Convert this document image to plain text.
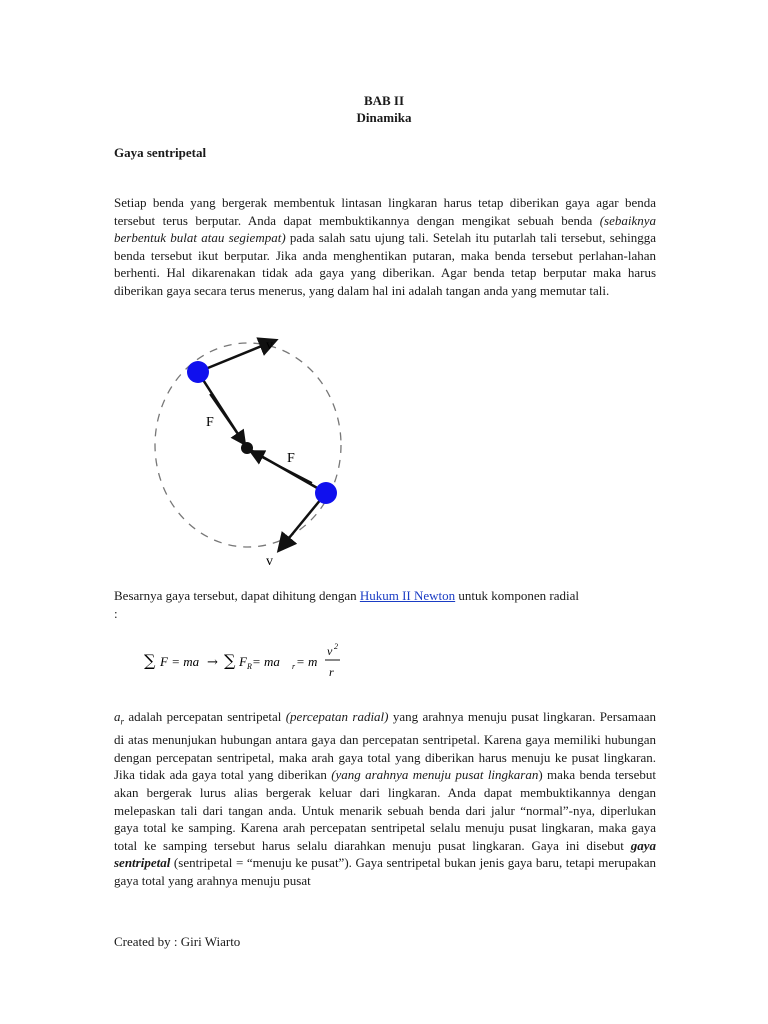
BAB II
Dinamika
Gaya sentripetal

Setiap benda yang bergerak membentuk lintasan lingkaran harus tetap diberikan gaya agar benda tersebut terus berputar. Anda dapat membuktikannya dengan mengikat sebuah benda (sebaiknya berbentuk bulat atau segiempat) pada salah satu ujung tali. Setelah itu putarlah tali tersebut, sehingga benda tersebut ikut berputar. Jika anda menghentikan putaran, maka benda tersebut perlahan-lahan berhenti. Hal dikarenakan tidak ada gaya yang diberikan. Agar benda tetap berputar maka harus diberikan gaya secara terus menerus, yang dalam hal ini adalah tangan anda yang memutar tali.

v
v
F
F

Besarnya gaya tersebut, dapat dihitung dengan Hukum II Newton untuk komponen radial
:

∑ F = ma → ∑ F R = ma r = m
v 2
r

$a_r$ adalah percepatan sentripetal (percepatan radial) yang arahnya menuju pusat lingkaran. Persamaan di atas menunjukan hubungan antara gaya dan percepatan sentripetal. Karena gaya memiliki hubungan dengan percepatan sentripetal, maka arah gaya total yang diberikan harus menuju ke pusat lingkaran. Jika tidak ada gaya total yang diberikan (yang arahnya menuju pusat lingkaran) maka benda tersebut akan bergerak lurus alias bergerak keluar dari lingkaran. Anda dapat membuktikannya dengan melepaskan tali dari tangan anda. Untuk menarik sebuah benda dari jalur “normal”-nya, diperlukan gaya total ke samping. Karena arah percepatan sentripetal selalu menuju pusat lingkaran, maka gaya total ke samping tersebut harus selalu diarahkan menuju pusat lingkaran. Gaya ini disebut gaya sentripetal (sentripetal = “menuju ke pusat”). Gaya sentripetal bukan jenis gaya baru, tetapi merupakan gaya total yang arahnya menuju pusat

Created by : Giri Wiarto
